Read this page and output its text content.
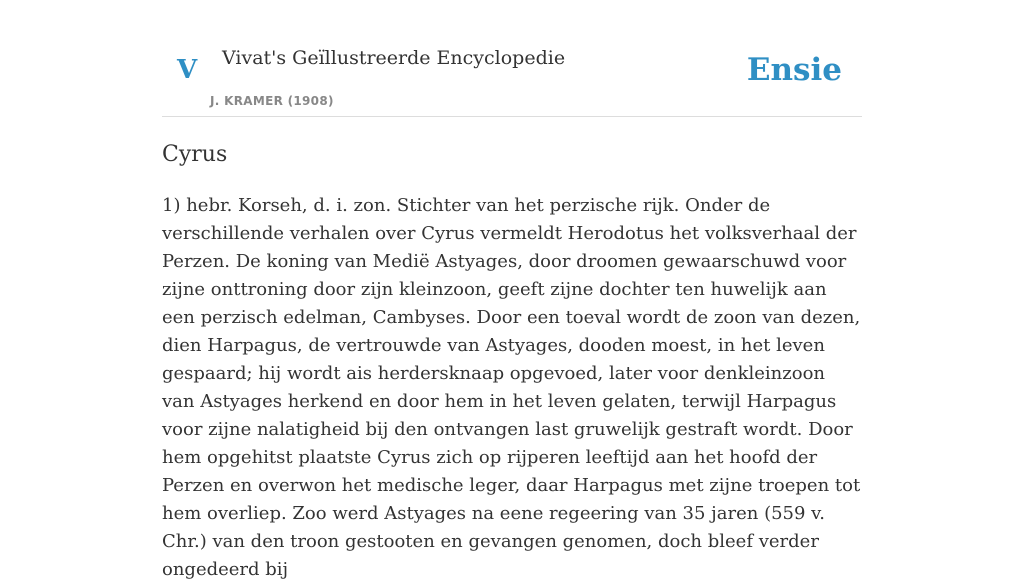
V Vivat's Geïllustreerde Encyclopedie
J. KRAMER (1908)
Ensie
Cyrus

1) hebr. Korseh, d. i. zon. Stichter van het perzische rijk. Onder de verschillende verhalen over Cyrus vermeldt Herodotus het volksverhaal der Perzen. De koning van Medië Astyages, door droomen gewaarschuwd voor zijne onttroning door zijn kleinzoon, geeft zijne dochter ten huwelijk aan een perzisch edelman, Cambyses. Door een toeval wordt de zoon van dezen, dien Harpagus, de vertrouwde van Astyages, dooden moest, in het leven gespaard; hij wordt ais herdersknaap opgevoed, later voor denkleinzoon van Astyages herkend en door hem in het leven gelaten, terwijl Harpagus voor zijne nalatigheid bij den ontvangen last gruwelijk gestraft wordt. Door hem opgehitst plaatste Cyrus zich op rijperen leeftijd aan het hoofd der Perzen en overwon het medische leger, daar Harpagus met zijne troepen tot hem overliep. Zoo werd Astyages na eene regeering van 35 jaren (559 v. Chr.) van den troon gestooten en gevangen genomen, doch bleef verder ongedeerd bij
